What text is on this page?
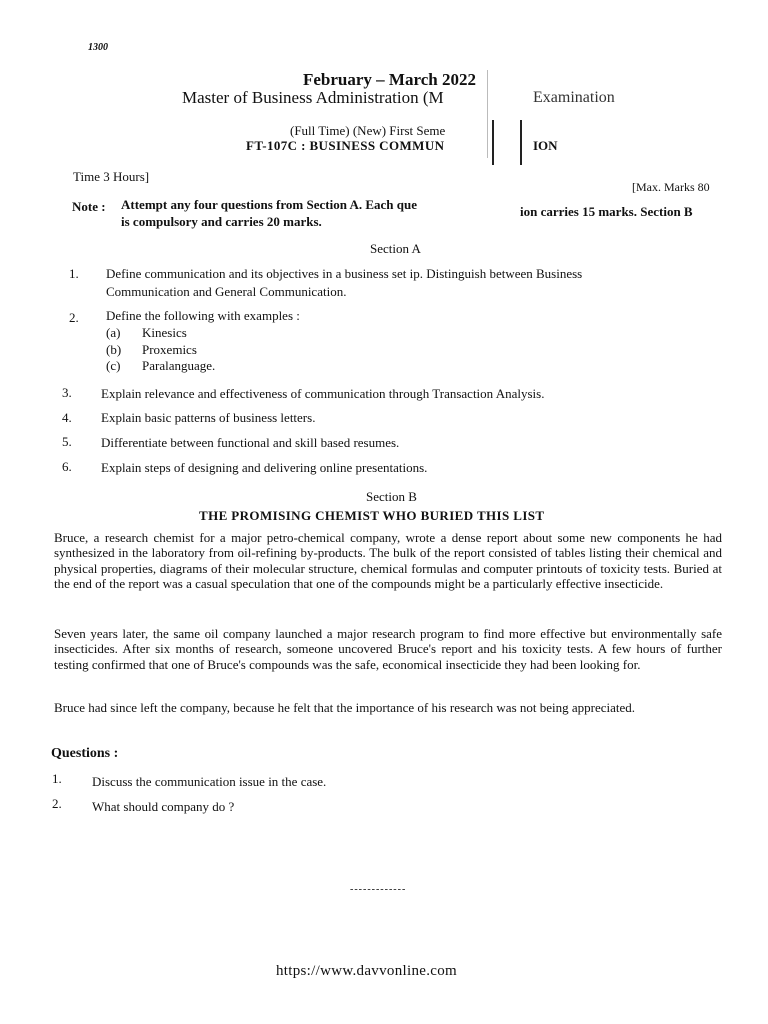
1300
February – March 2022
Master of Business Administration (M	Examination
(Full Time) (New) First Seme
FT-107C : BUSINESS COMMUN	ION
Time 3 Hours]
[Max. Marks 80
Note : Attempt any four questions from Section A. Each que	ion carries 15 marks. Section B
is compulsory and carries 20 marks.
Section A
1. Define communication and its objectives in a business set ip. Distinguish between Business
Communication and General Communication.
2. Define the following with examples :
(a) Kinesics
(b) Proxemics
(c) Paralanguage.
3. Explain relevance and effectiveness of communication through Transaction Analysis.
4. Explain basic patterns of business letters.
5. Differentiate between functional and skill based resumes.
6. Explain steps of designing and delivering online presentations.
Section B
THE PROMISING CHEMIST WHO BURIED THIS LIST
Bruce, a research chemist for a major petro-chemical company, wrote a dense report about some new components he had synthesized in the laboratory from oil-refining by-products. The bulk of the report consisted of tables listing their chemical and physical properties, diagrams of their molecular structure, chemical formulas and computer printouts of toxicity tests. Buried at the end of the report was a casual speculation that one of the compounds might be a particularly effective insecticide.
Seven years later, the same oil company launched a major research program to find more effective but environmentally safe insecticides. After six months of research, someone uncovered Bruce's report and his toxicity tests. A few hours of further testing confirmed that one of Bruce's compounds was the safe, economical insecticide they had been looking for.
Bruce had since left the company, because he felt that the importance of his research was not being appreciated.
Questions :
1. Discuss the communication issue in the case.
2. What should company do ?
-------------
https://www.davvonline.com
